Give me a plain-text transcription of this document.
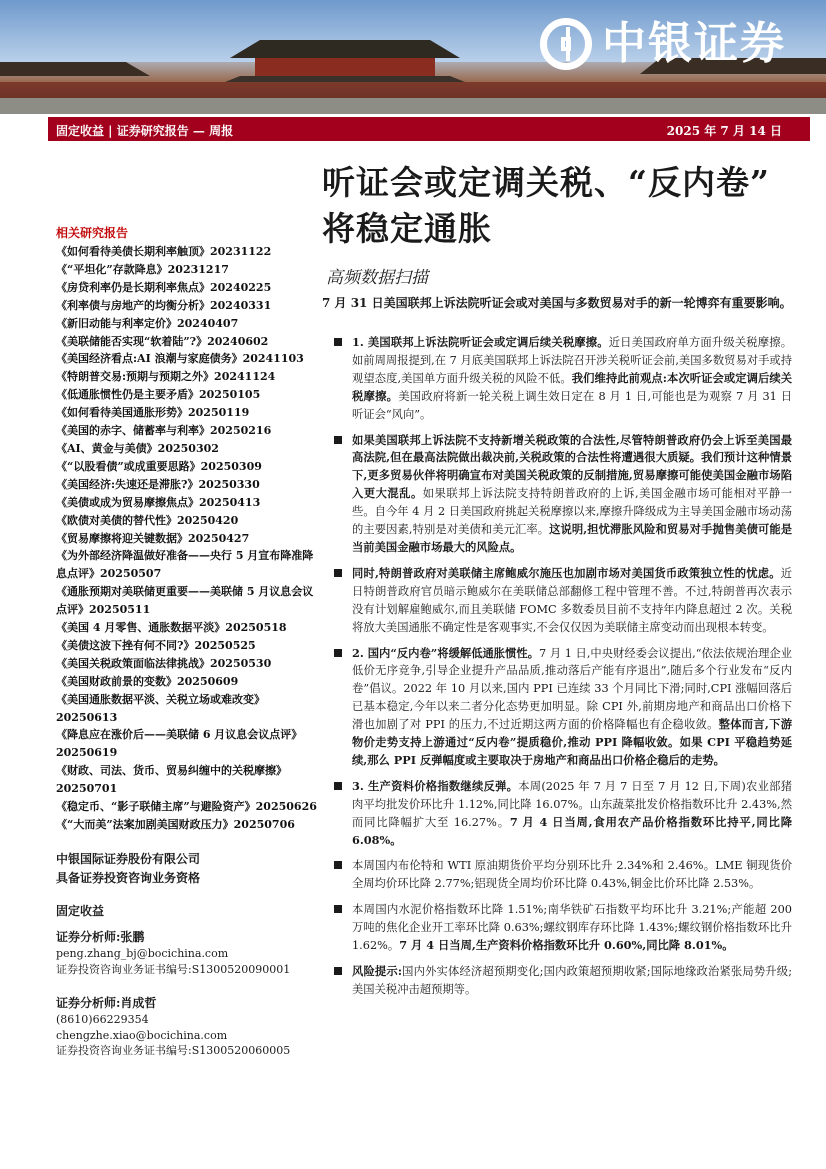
中银证券
固定收益 | 证券研究报告 — 周报	2025 年 7 月 14 日
听证会或定调关税、“反内卷”
将稳定通胀
高频数据扫描
7 月 31 日美国联邦上诉法院听证会或对美国与多数贸易对手的新一轮博弈有重要影响。
相关研究报告
《如何看待美债长期利率触顶》20231122
《“平坦化”存款降息》20231217
《房贷利率仍是长期利率焦点》20240225
《利率债与房地产的均衡分析》20240331
《新旧动能与利率定价》20240407
《美联储能否实现“软着陆”?》20240602
《美国经济看点:AI 浪潮与家庭债务》20241103
《特朗普交易:预期与预期之外》20241124
《低通胀惯性仍是主要矛盾》20250105
《如何看待美国通胀形势》20250119
《美国的赤字、储蓄率与利率》20250216
《AI、黄金与美债》20250302
《“以股看债”或成重要思路》20250309
《美国经济:失速还是滞胀?》20250330
《美债或成为贸易摩擦焦点》20250413
《欧债对美债的替代性》20250420
《贸易摩擦将迎关键数据》20250427
《为外部经济降温做好准备——央行 5 月宣布降准降息点评》20250507
《通胀预期对美联储更重要——美联储 5 月议息会议点评》20250511
《美国 4 月零售、通胀数据平淡》20250518
《美债这波下挫有何不同?》20250525
《美国关税政策面临法律挑战》20250530
《美国财政前景的变数》20250609
《美国通胀数据平淡、关税立场或难改变》20250613
《降息应在涨价后——美联储 6 月议息会议点评》20250619
《财政、司法、货币、贸易纠缠中的关税摩擦》20250701
《稳定币、“影子联储主席”与避险资产》20250626
《“大而美”法案加剧美国财政压力》20250706
中银国际证券股份有限公司
具备证券投资咨询业务资格
固定收益
证券分析师:张鹏
peng.zhang_bj@bocichina.com
证券投资咨询业务证书编号:S1300520090001
证券分析师:肖成哲
(8610)66229354
chengzhe.xiao@bocichina.com
证券投资咨询业务证书编号:S1300520060005
1. 美国联邦上诉法院听证会或定调后续关税摩擦。近日美国政府单方面升级关税摩擦。如前周周报提到,在 7 月底美国联邦上诉法院召开涉关税听证会前,美国多数贸易对手或持观望态度,美国单方面升级关税的风险不低。我们维持此前观点:本次听证会或定调后续关税摩擦。美国政府将新一轮关税上调生效日定在 8 月 1 日,可能也是为观察 7 月 31 日听证会“风向”。
如果美国联邦上诉法院不支持新增关税政策的合法性,尽管特朗普政府仍会上诉至美国最高法院,但在最高法院做出裁决前,关税政策的合法性将遭遇很大质疑。我们预计这种情景下,更多贸易伙伴将明确宣布对美国关税政策的反制措施,贸易摩擦可能使美国金融市场陷入更大混乱。如果联邦上诉法院支持特朗普政府的上诉,美国金融市场可能相对平静一些。自今年 4 月 2 日美国政府挑起关税摩擦以来,摩擦升降级成为主导美国金融市场动荡的主要因素,特别是对美债和美元汇率。这说明,担忧滞胀风险和贸易对手抛售美债可能是当前美国金融市场最大的风险点。
同时,特朗普政府对美联储主席鲍威尔施压也加剧市场对美国货币政策独立性的忧虑。近日特朗普政府官员暗示鲍威尔在美联储总部翻修工程中管理不善。不过,特朗普再次表示没有计划解雇鲍威尔,而且美联储 FOMC 多数委员目前不支持年内降息超过 2 次。关税将放大美国通胀不确定性是客观事实,不会仅仅因为美联储主席变动而出现根本转变。
2. 国内“反内卷”将缓解低通胀惯性。7 月 1 日,中央财经委会议提出,“依法依规治理企业低价无序竞争,引导企业提升产品品质,推动落后产能有序退出”,随后多个行业发布“反内卷”倡议。2022 年 10 月以来,国内 PPI 已连续 33 个月同比下滑;同时,CPI 涨幅回落后已基本稳定,今年以来二者分化态势更加明显。除 CPI 外,前期房地产和商品出口价格下滑也加剧了对 PPI 的压力,不过近期这两方面的价格降幅也有企稳收敛。整体而言,下游物价走势支持上游通过“反内卷”提质稳价,推动 PPI 降幅收敛。如果 CPI 平稳趋势延续,那么 PPI 反弹幅度或主要取决于房地产和商品出口价格企稳后的走势。
3. 生产资料价格指数继续反弹。本周(2025 年 7 月 7 日至 7 月 12 日,下周)农业部猪肉平均批发价环比升 1.12%,同比降 16.07%。山东蔬菜批发价格指数环比升 2.43%,然而同比降幅扩大至 16.27%。7 月 4 日当周,食用农产品价格指数环比持平,同比降 6.08%。
本周国内布伦特和 WTI 原油期货价平均分别环比升 2.34%和 2.46%。LME 铜现货价全周均价环比降 2.77%;铝现货全周均价环比降 0.43%,铜金比价环比降 2.53%。
本周国内水泥价格指数环比降 1.51%;南华铁矿石指数平均环比升 3.21%;产能超 200 万吨的焦化企业开工率环比降 0.63%;螺纹钢库存环比降 1.43%;螺纹钢价格指数环比升 1.62%。7 月 4 日当周,生产资料价格指数环比升 0.60%,同比降 8.01%。
风险提示:国内外实体经济超预期变化;国内政策超预期收紧;国际地缘政治紧张局势升级;美国关税冲击超预期等。
